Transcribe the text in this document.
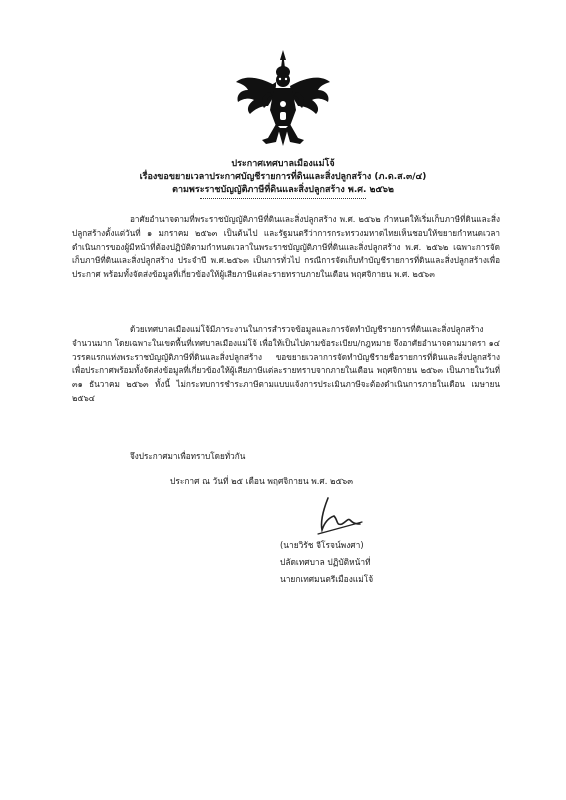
ประกาศเทศบาลเมืองแม่โจ้
เรื่องขอขยายเวลาประกาศบัญชีรายการที่ดินและสิ่งปลูกสร้าง (ภ.ด.ส.๓/๔)
ตามพระราชบัญญัติภาษีที่ดินและสิ่งปลูกสร้าง พ.ศ. ๒๕๖๒
อาศัยอำนาจตามที่พระราชบัญญัติภาษีที่ดินและสิ่งปลูกสร้าง พ.ศ. ๒๕๖๒ กำหนดให้เริ่มเก็บภาษีที่ดินและสิ่งปลูกสร้างตั้งแต่วันที่ ๑ มกราคม ๒๕๖๓ เป็นต้นไป และรัฐมนตรีว่าการกระทรวงมหาดไทยเห็นชอบให้ขยายกำหนดเวลาดำเนินการของผู้มีหน้าที่ต้องปฏิบัติตามกำหนดเวลาในพระราชบัญญัติภาษีที่ดินและสิ่งปลูกสร้าง พ.ศ. ๒๕๖๒ เฉพาะการจัดเก็บภาษีที่ดินและสิ่งปลูกสร้าง ประจำปี พ.ศ.๒๕๖๓ เป็นการทั่วไป กรณีการจัดเก็บทำบัญชีรายการที่ดินและสิ่งปลูกสร้างเพื่อประกาศ พร้อมทั้งจัดส่งข้อมูลที่เกี่ยวข้องให้ผู้เสียภาษีแต่ละรายทราบภายในเดือน พฤศจิกายน พ.ศ. ๒๕๖๓
ด้วยเทศบาลเมืองแม่โจ้มีภาระงานในการสำรวจข้อมูลและการจัดทำบัญชีรายการที่ดินและสิ่งปลูกสร้างจำนวนมาก โดยเฉพาะในเขตพื้นที่เทศบาลเมืองแม่โจ้ เพื่อให้เป็นไปตามข้อระเบียบ/กฎหมาย จึงอาศัยอำนาจตามมาตรา ๑๔ วรรคแรกแห่งพระราชบัญญัติภาษีที่ดินและสิ่งปลูกสร้าง ขอขยายเวลาการจัดทำบัญชีรายชื่อรายการที่ดินและสิ่งปลูกสร้างเพื่อประกาศพร้อมทั้งจัดส่งข้อมูลที่เกี่ยวข้องให้ผู้เสียภาษีแต่ละรายทราบจากภายในเดือน พฤศจิกายน ๒๕๖๓ เป็นภายในวันที่ ๓๑ ธันวาคม ๒๕๖๓ ทั้งนี้ ไม่กระทบการชำระภาษีตามแบบแจ้งการประเมินภาษีจะต้องดำเนินการภายในเดือน เมษายน ๒๕๖๔
จึงประกาศมาเพื่อทราบโดยทั่วกัน
ประกาศ ณ วันที่ ๒๕ เดือน พฤศจิกายน พ.ศ. ๒๕๖๓
(นายวิรัช จีโรจน์พงศา)
ปลัดเทศบาล ปฏิบัติหน้าที่
นายกเทศมนตรีเมืองแม่โจ้
